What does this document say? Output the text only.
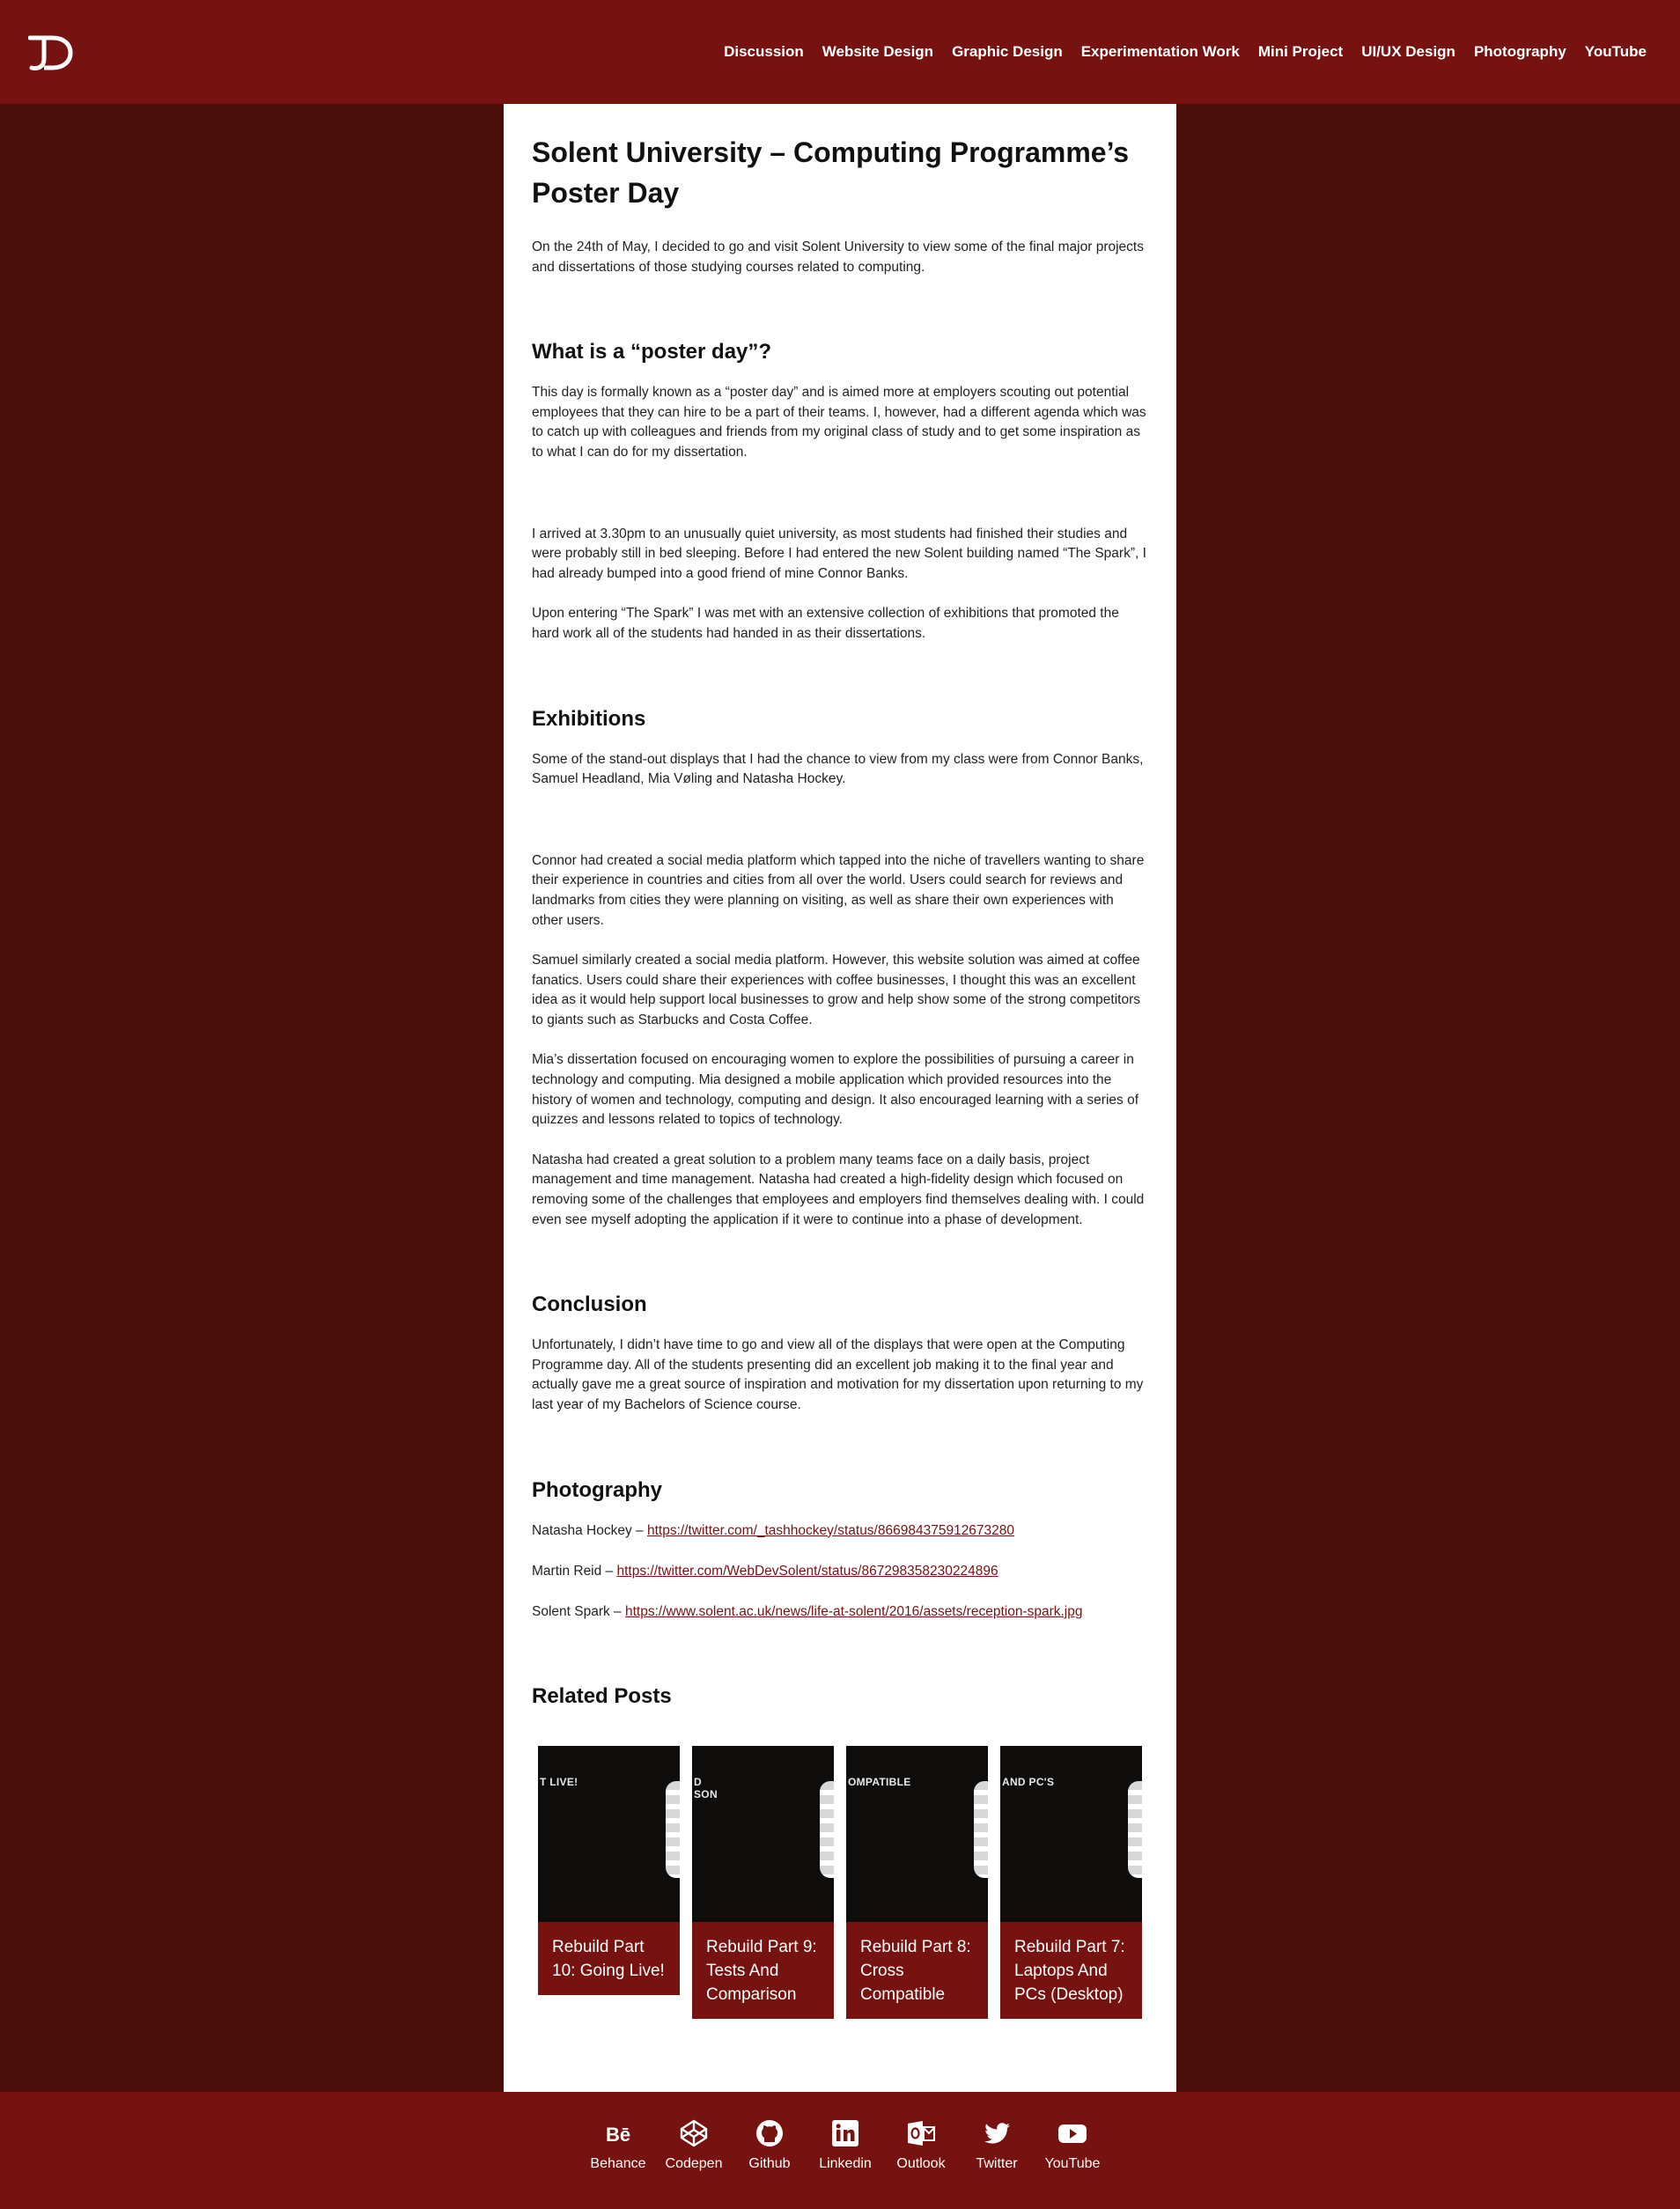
Discussion Website Design Graphic Design Experimentation Work Mini Project UI/UX Design Photography YouTube
Solent University – Computing Programme’s Poster Day

On the 24th of May, I decided to go and visit Solent University to view some of the final major projects and dissertations of those studying courses related to computing.

What is a “poster day”?

This day is formally known as a “poster day” and is aimed more at employers scouting out potential employees that they can hire to be a part of their teams. I, however, had a different agenda which was to catch up with colleagues and friends from my original class of study and to get some inspiration as to what I can do for my dissertation.

I arrived at 3.30pm to an unusually quiet university, as most students had finished their studies and were probably still in bed sleeping. Before I had entered the new Solent building named “The Spark”, I had already bumped into a good friend of mine Connor Banks.

Upon entering “The Spark” I was met with an extensive collection of exhibitions that promoted the hard work all of the students had handed in as their dissertations.

Exhibitions

Some of the stand-out displays that I had the chance to view from my class were from Connor Banks, Samuel Headland, Mia Vøling and Natasha Hockey.

Connor had created a social media platform which tapped into the niche of travellers wanting to share their experience in countries and cities from all over the world. Users could search for reviews and landmarks from cities they were planning on visiting, as well as share their own experiences with other users.

Samuel similarly created a social media platform. However, this website solution was aimed at coffee fanatics. Users could share their experiences with coffee businesses, I thought this was an excellent idea as it would help support local businesses to grow and help show some of the strong competitors to giants such as Starbucks and Costa Coffee.

Mia’s dissertation focused on encouraging women to explore the possibilities of pursuing a career in technology and computing. Mia designed a mobile application which provided resources into the history of women and technology, computing and design. It also encouraged learning with a series of quizzes and lessons related to topics of technology.

Natasha had created a great solution to a problem many teams face on a daily basis, project management and time management. Natasha had created a high-fidelity design which focused on removing some of the challenges that employees and employers find themselves dealing with. I could even see myself adopting the application if it were to continue into a phase of development.

Conclusion

Unfortunately, I didn’t have time to go and view all of the displays that were open at the Computing Programme day. All of the students presenting did an excellent job making it to the final year and actually gave me a great source of inspiration and motivation for my dissertation upon returning to my last year of my Bachelors of Science course.

Photography
Natasha Hockey – https://twitter.com/_tashhockey/status/866984375912673280
Martin Reid – https://twitter.com/WebDevSolent/status/867298358230224896
Solent Spark – https://www.solent.ac.uk/news/life-at-solent/2016/assets/reception-spark.jpg
Related Posts
T LIVE!
Rebuild Part 10: Going Live!
D
SON
Rebuild Part 9: Tests And Comparison
OMPATIBLE
Rebuild Part 8: Cross Compatible
AND PC'S
Rebuild Part 7: Laptops And PCs (Desktop)
Bē
Behance	Codepen	Github	Linkedin	Outlook	Twitter	YouTube
